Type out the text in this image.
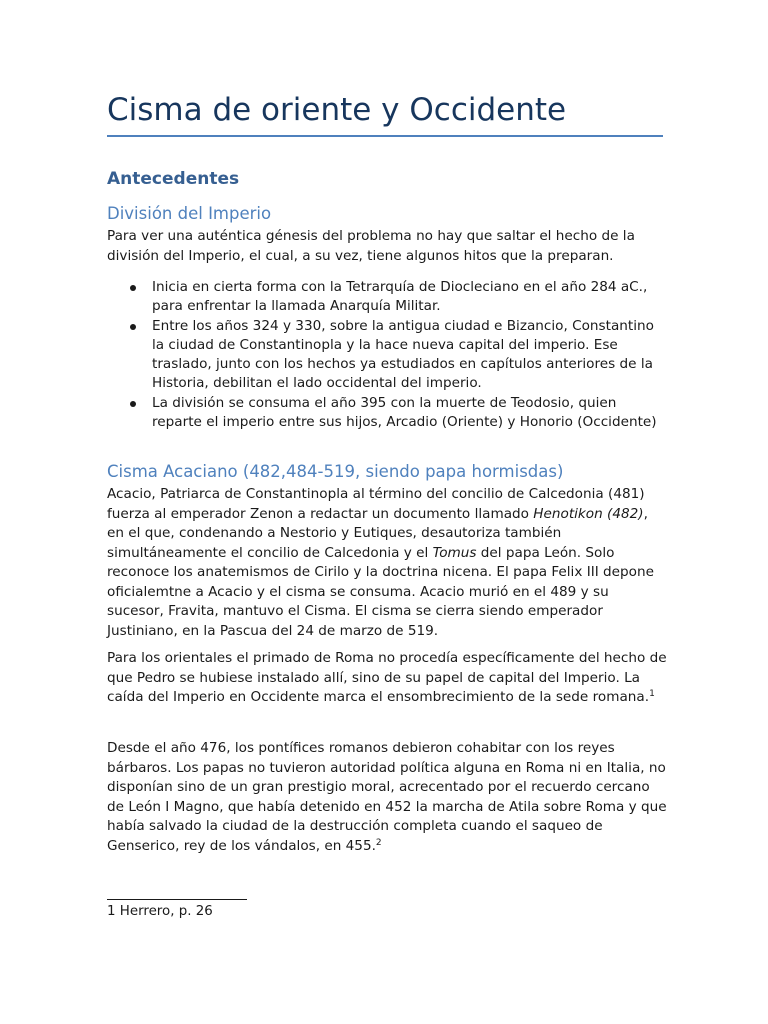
Cisma de oriente y Occidente
Antecedentes
División del Imperio

Para ver una auténtica génesis del problema no hay que saltar el hecho de la división del Imperio, el cual, a su vez, tiene algunos hitos que la preparan.

Inicia en cierta forma con la Tetrarquía de Diocleciano en el año 284 aC., para enfrentar la llamada Anarquía Militar.
Entre los años 324 y 330, sobre la antigua ciudad e Bizancio, Constantino la ciudad de Constantinopla y la hace nueva capital del imperio. Ese traslado, junto con los hechos ya estudiados en capítulos anteriores de la Historia, debilitan el lado occidental del imperio.
La división se consuma el año 395 con la muerte de Teodosio, quien reparte el imperio entre sus hijos, Arcadio (Oriente) y Honorio (Occidente)
Cisma Acaciano (482,484-519, siendo papa hormisdas)

Acacio, Patriarca de Constantinopla al término del concilio de Calcedonia (481) fuerza al emperador Zenon a redactar un documento llamado Henotikon (482), en el que, condenando a Nestorio y Eutiques, desautoriza también simultáneamente el concilio de Calcedonia y el Tomus del papa León. Solo reconoce los anatemismos de Cirilo y la doctrina nicena. El papa Felix III depone oficialemtne a Acacio y el cisma se consuma. Acacio murió en el 489 y su sucesor, Fravita, mantuvo el Cisma. El cisma se cierra siendo emperador Justiniano, en la Pascua del 24 de marzo de 519.

Para los orientales el primado de Roma no procedía específicamente del hecho de que Pedro se hubiese instalado allí, sino de su papel de capital del Imperio. La caída del Imperio en Occidente marca el ensombrecimiento de la sede romana.$^1$

Desde el año 476, los pontífices romanos debieron cohabitar con los reyes bárbaros. Los papas no tuvieron autoridad política alguna en Roma ni en Italia, no disponían sino de un gran prestigio moral, acrecentado por el recuerdo cercano de León I Magno, que había detenido en 452 la marcha de Atila sobre Roma y que había salvado la ciudad de la destrucción completa cuando el saqueo de Genserico, rey de los vándalos, en 455.$^2$

1 Herrero, p. 26
